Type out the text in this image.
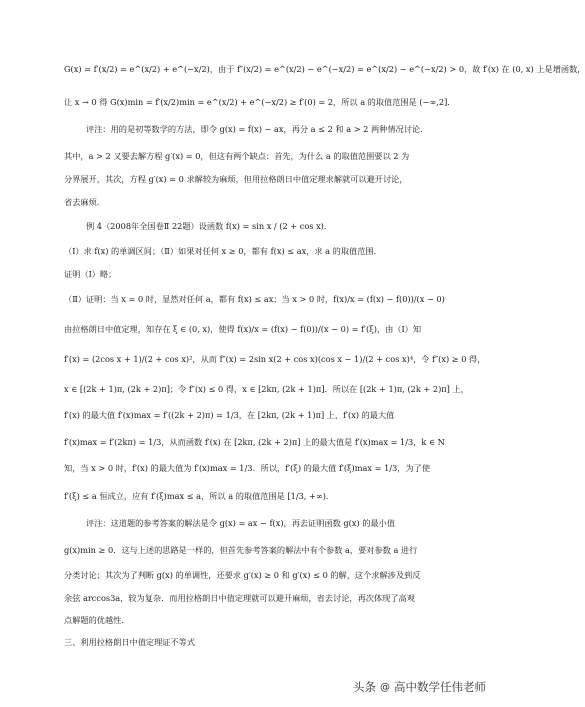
G(x) = f′(x/2) = e^(x/2) + e^(−x/2)，由于 f″(x/2) = e^(x/2) − e^(−x/2) = e^(x/2) − e^(−x/2) > 0，故 f′(x) 在 (0, x) 上是增函数，
让 x → 0 得 G(x)min = f′(x/2)min = e^(x/2) + e^(−x/2) ≥ f′(0) = 2，所以 a 的取值范围是 (−∞,2]．
评注：用的是初等数学的方法，即令 g(x) = f(x) − ax，再分 a ≤ 2 和 a > 2 两种情况讨论．
其中，a > 2 又要去解方程 g′(x) = 0，但这有两个缺点：首先，为什么 a 的取值范围要以 2 为
分界展开，其次，方程 g′(x) = 0 求解较为麻烦，但用拉格朗日中值定理求解就可以避开讨论，
省去麻烦．
例 4（2008年全国卷Ⅱ 22题）设函数 f(x) = sin x / (2 + cos x)．
（Ⅰ）求 f(x) 的单调区间；（Ⅱ）如果对任何 x ≥ 0，都有 f(x) ≤ ax，求 a 的取值范围．
证明（Ⅰ）略；
（Ⅱ）证明：当 x = 0 时，显然对任何 a，都有 f(x) ≤ ax；当 x > 0 时，f(x)/x = (f(x) − f(0))/(x − 0)
由拉格朗日中值定理，知存在 ξ ∈ (0, x)，使得 f(x)/x = (f(x) − f(0))/(x − 0) = f′(ξ)，由（Ⅰ）知
f′(x) = (2cos x + 1)/(2 + cos x)²，从而 f″(x) = 2sin x(2 + cos x)(cos x − 1)/(2 + cos x)⁴，令 f″(x) ≥ 0 得，
x ∈ [(2k + 1)π, (2k + 2)π]；令 f″(x) ≤ 0 得，x ∈ [2kπ, (2k + 1)π]．所以在 [(2k + 1)π, (2k + 2)π] 上，
f′(x) 的最大值 f′(x)max = f′((2k + 2)π) = 1/3，在 [2kπ, (2k + 1)π] 上，f′(x) 的最大值
f′(x)max = f′(2kπ) = 1/3，从而函数 f′(x) 在 [2kπ, (2k + 2)π] 上的最大值是 f′(x)max = 1/3，k ∈ N
知，当 x > 0 时，f′(x) 的最大值为 f′(x)max = 1/3．所以，f′(ξ) 的最大值 f′(ξ)max = 1/3，为了使
f′(ξ) ≤ a 恒成立，应有 f′(ξ)max ≤ a，所以 a 的取值范围是 [1/3, +∞)．
评注：这道题的参考答案的解法是令 g(x) = ax − f(x)，再去证明函数 g(x) 的最小值
g(x)min ≥ 0．这与上述的思路是一样的，但首先参考答案的解法中有个参数 a，要对参数 a 进行
分类讨论；其次为了判断 g(x) 的单调性，还要求 g′(x) ≥ 0 和 g′(x) ≤ 0 的解，这个求解涉及到反
余弦 arccos3a，较为复杂．而用拉格朗日中值定理就可以避开麻烦，省去讨论，再次体现了高观
点解题的优越性．
三、利用拉格朗日中值定理证不等式
头条 @ 高中数学任伟老师
